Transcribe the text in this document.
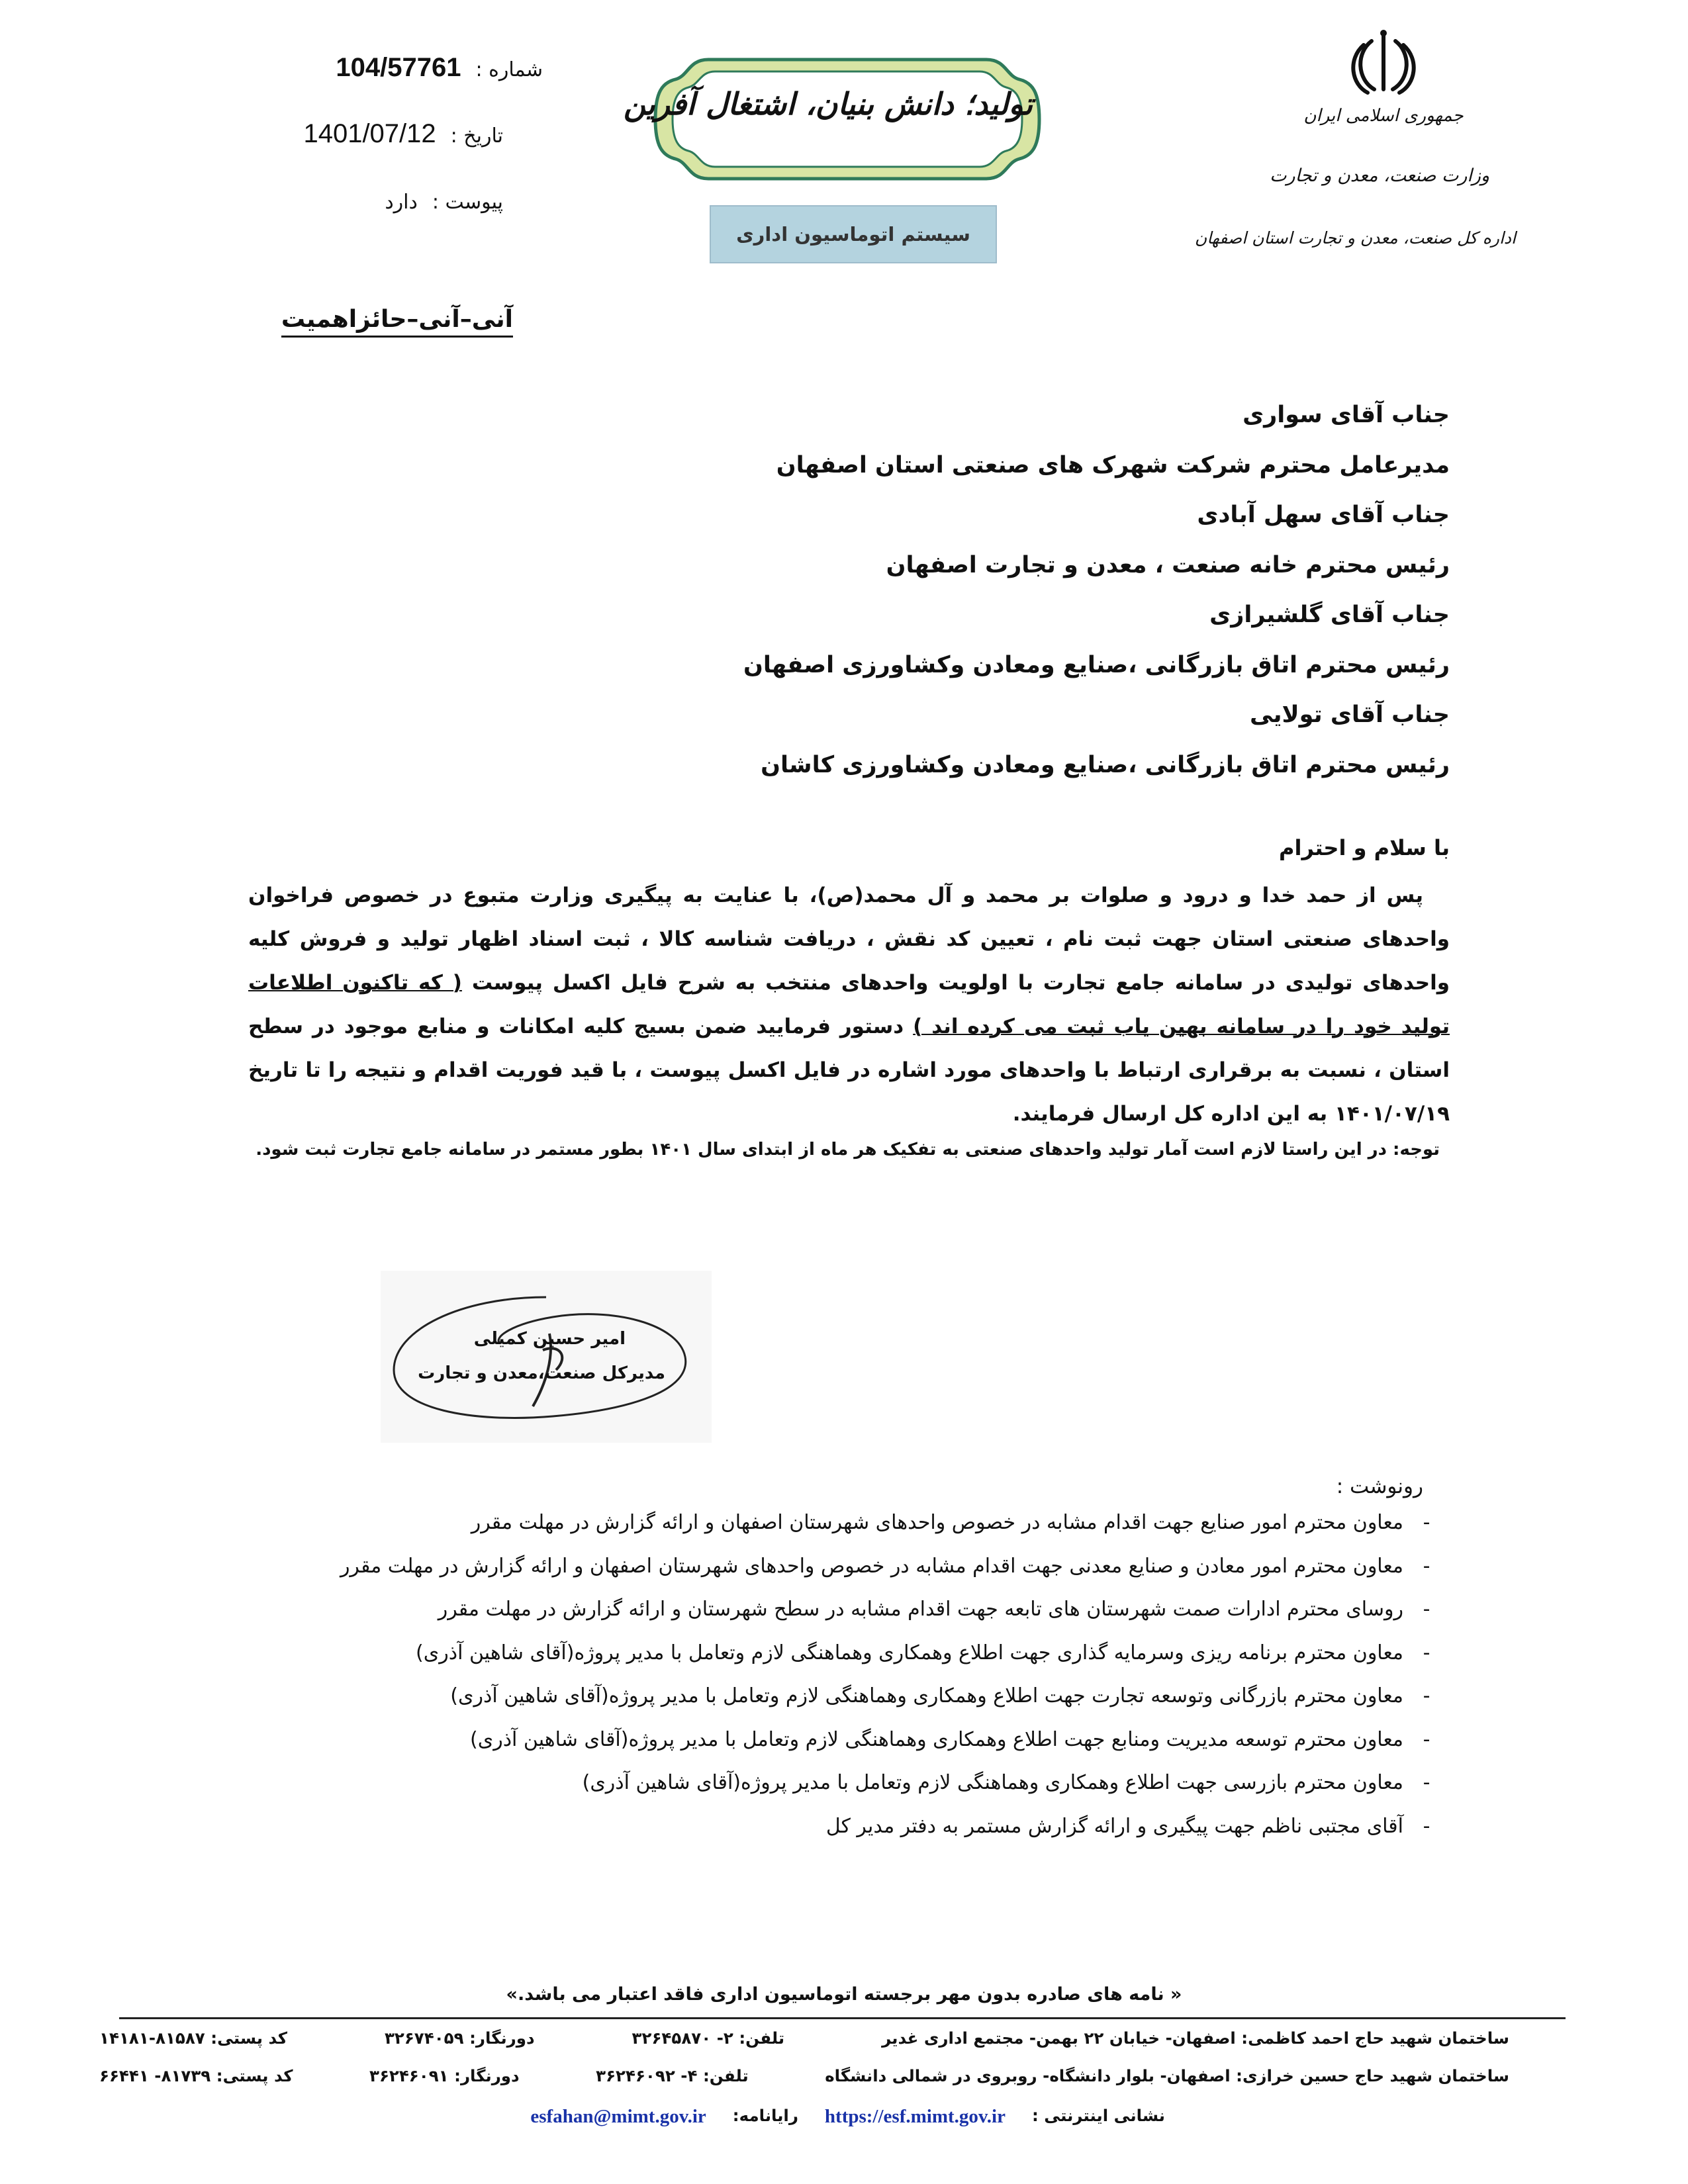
جمهوری اسلامی ایران
وزارت صنعت، معدن و تجارت
اداره کل صنعت، معدن و تجارت استان اصفهان
تولید؛ دانش بنیان، اشتغال آفرین
سیستم اتوماسیون اداری
شماره :
104/57761
تاریخ :
1401/07/12
پیوست :
دارد
آنی–آنی–حائزاهمیت
جناب آقای سواری
مدیرعامل محترم شرکت شهرک های صنعتی استان اصفهان
جناب آقای سهل آبادی
رئیس محترم خانه صنعت ، معدن و تجارت اصفهان
جناب آقای گلشیرازی
رئیس محترم اتاق بازرگانی ،صنایع ومعادن وکشاورزی اصفهان
جناب آقای تولایی
رئیس محترم اتاق بازرگانی ،صنایع ومعادن وکشاورزی کاشان
با سلام و احترام
پس از حمد خدا و درود و صلوات بر محمد و آل محمد(ص)، با عنایت به پیگیری وزارت متبوع در خصوص فراخوان واحدهای صنعتی استان جهت ثبت نام ، تعیین کد نقش ، دریافت شناسه کالا ، ثبت اسناد اظهار تولید و فروش کلیه واحدهای تولیدی در سامانه جامع تجارت با اولویت واحدهای منتخب به شرح فایل اکسل پیوست ( که تاکنون اطلاعات تولید خود را در سامانه بهین یاب ثبت می کرده اند ) دستور فرمایید ضمن بسیج کلیه امکانات و منابع موجود در سطح استان ، نسبت به برقراری ارتباط با واحدهای مورد اشاره در فایل اکسل پیوست ، با قید فوریت اقدام و نتیجه را تا تاریخ ۱۴۰۱/۰۷/۱۹ به این اداره کل ارسال فرمایند.
توجه: در این راستا لازم است آمار تولید واحدهای صنعتی به تفکیک هر ماه از ابتدای سال ۱۴۰۱ بطور مستمر در سامانه جامع تجارت ثبت شود.
امیر حسین کمیلی
مدیرکل صنعت،معدن و تجارت
رونوشت :
-
معاون محترم امور صنایع جهت اقدام مشابه در خصوص واحدهای شهرستان اصفهان و ارائه گزارش در مهلت مقرر
-
معاون محترم امور معادن و صنایع معدنی جهت اقدام مشابه در خصوص واحدهای شهرستان اصفهان و ارائه گزارش در مهلت مقرر
-
روسای محترم ادارات صمت شهرستان های تابعه جهت اقدام مشابه در سطح شهرستان و ارائه گزارش در مهلت مقرر
-
معاون محترم برنامه ریزی وسرمایه گذاری جهت اطلاع وهمکاری وهماهنگی لازم وتعامل با مدیر پروژه(آقای شاهین آذری)
-
معاون محترم بازرگانی وتوسعه تجارت جهت اطلاع وهمکاری وهماهنگی لازم وتعامل با مدیر پروژه(آقای شاهین آذری)
-
معاون محترم توسعه مدیریت ومنابع جهت اطلاع وهمکاری وهماهنگی لازم وتعامل با مدیر پروژه(آقای شاهین آذری)
-
معاون محترم بازرسی جهت اطلاع وهمکاری وهماهنگی لازم وتعامل با مدیر پروژه(آقای شاهین آذری)
-
آقای مجتبی ناظم جهت پیگیری و ارائه گزارش مستمر به دفتر مدیر کل
« نامه های صادره بدون مهر برجسته اتوماسیون اداری فاقد اعتبار می باشد.»
ساختمان شهید حاج احمد کاظمی: اصفهان- خیابان ۲۲ بهمن- مجتمع اداری غدیر
تلفن: ۲- ۳۲۶۴۵۸۷۰
دورنگار: ۳۲۶۷۴۰۵۹
کد پستی: ۸۱۵۸۷-۱۴۱۸۱
ساختمان شهید حاج حسین خرازی: اصفهان- بلوار دانشگاه- روبروی در شمالی دانشگاه
تلفن: ۴- ۳۶۲۴۶۰۹۲
دورنگار: ۳۶۲۴۶۰۹۱
کد پستی: ۸۱۷۳۹- ۶۶۴۴۱
نشانی اینترنتی :
https://esf.mimt.gov.ir
رایانامه:
esfahan@mimt.gov.ir
